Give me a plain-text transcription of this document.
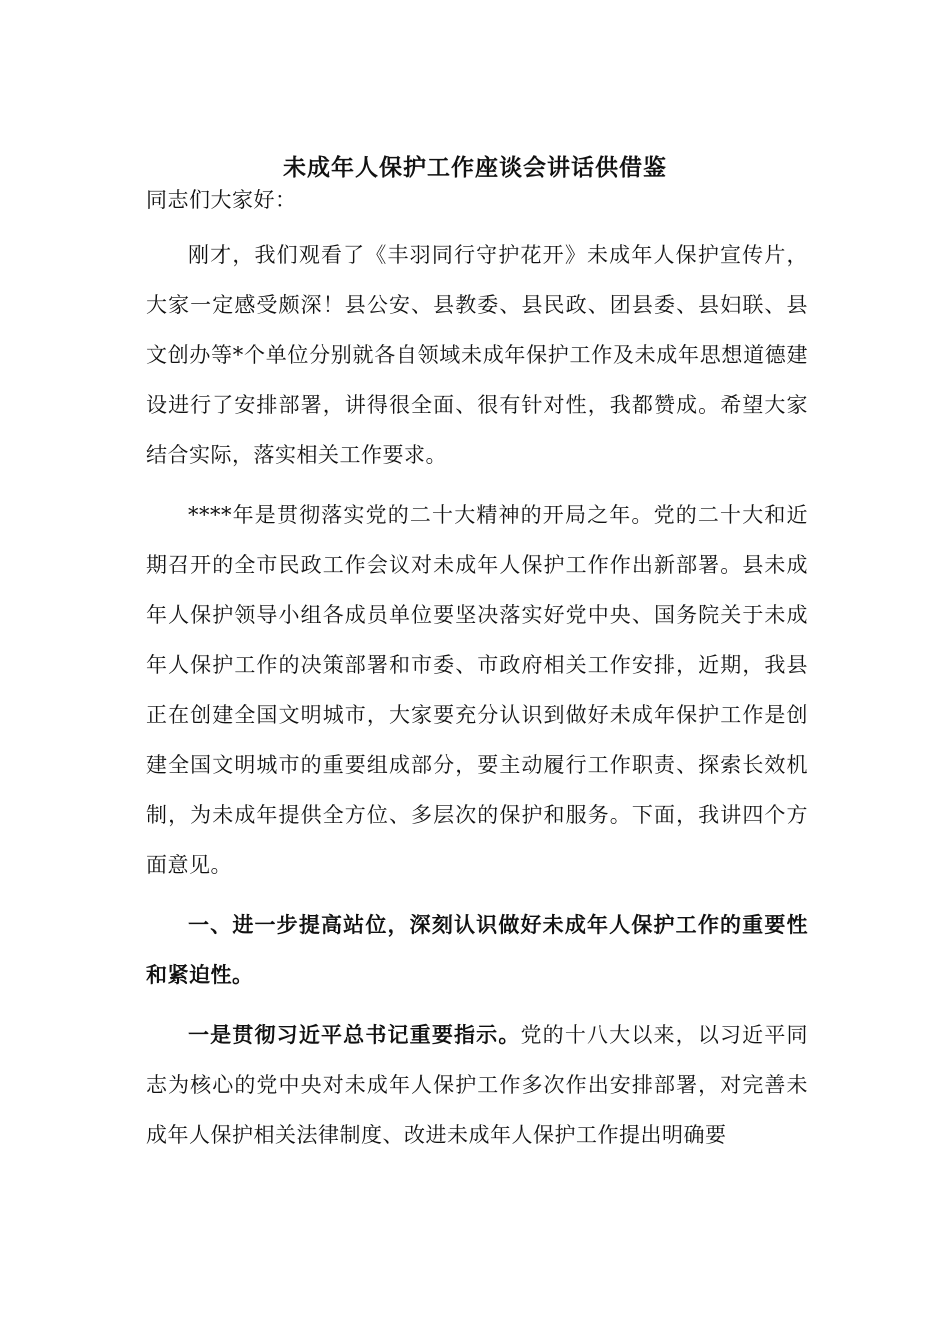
未成年人保护工作座谈会讲话供借鉴

同志们大家好：

刚才，我们观看了《丰羽同行守护花开》未成年人保护宣传片，大家一定感受颇深！县公安、县教委、县民政、团县委、县妇联、县文创办等*个单位分别就各自领域未成年保护工作及未成年思想道德建设进行了安排部署，讲得很全面、很有针对性，我都赞成。希望大家结合实际，落实相关工作要求。

****年是贯彻落实党的二十大精神的开局之年。党的二十大和近期召开的全市民政工作会议对未成年人保护工作作出新部署。县未成年人保护领导小组各成员单位要坚决落实好党中央、国务院关于未成年人保护工作的决策部署和市委、市政府相关工作安排，近期，我县正在创建全国文明城市，大家要充分认识到做好未成年保护工作是创建全国文明城市的重要组成部分，要主动履行工作职责、探索长效机制，为未成年提供全方位、多层次的保护和服务。下面，我讲四个方面意见。

一、进一步提高站位，深刻认识做好未成年人保护工作的重要性和紧迫性。

一是贯彻习近平总书记重要指示。党的十八大以来，以习近平同志为核心的党中央对未成年人保护工作多次作出安排部署，对完善未成年人保护相关法律制度、改进未成年人保护工作提出明确要
